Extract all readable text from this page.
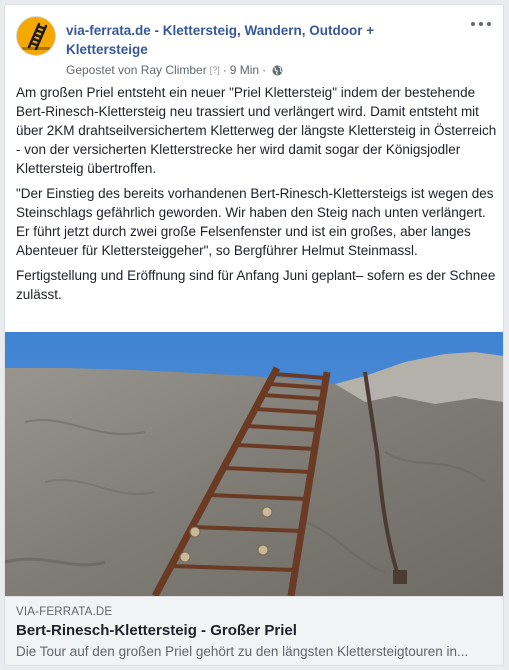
via-ferrata.de - Klettersteig, Wandern, Outdoor + Klettersteige
Gepostet von Ray Climber [?] · 9 Min ·

Am großen Priel entsteht ein neuer "Priel Klettersteig" indem der bestehende Bert-Rinesch-Klettersteig neu trassiert und verlängert wird. Damit entsteht mit über 2KM drahtseilversichertem Kletterweg der längste Klettersteig in Österreich - von der versicherten Kletterstrecke her wird damit sogar der Königsjodler Klettersteig übertroffen.

"Der Einstieg des bereits vorhandenen Bert-Rinesch-Klettersteigs ist wegen des Steinschlags gefährlich geworden. Wir haben den Steig nach unten verlängert. Er führt jetzt durch zwei große Felsenfenster und ist ein großes, aber langes Abenteuer für Klettersteiggeher", so Bergführer Helmut Steinmassl.

Fertigstellung und Eröffnung sind für Anfang Juni geplant– sofern es der Schnee zulässt.

VIA-FERRATA.DE
Bert-Rinesch-Klettersteig - Großer Priel
Die Tour auf den großen Priel gehört zu den längsten Klettersteigtouren in...
